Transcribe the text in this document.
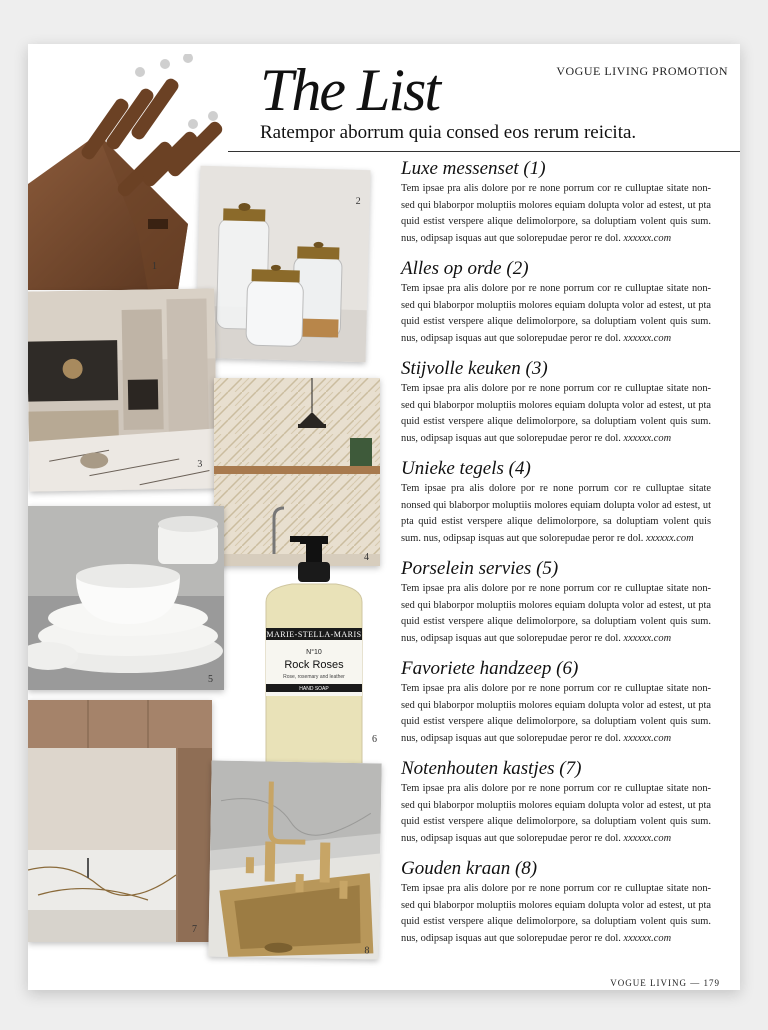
The List	VOGUE LIVING PROMOTION
Ratempor aborrum quia consed eos rerum reicita.
1
2
3
4
5
MARIE-STELLA-MARIS
N°10
Rock Roses
Rose, rosemary and leather
HAND SOAP
6
7
8
Luxe messenset (1)

Tem ipsae pra alis dolore por re none porrum cor re culluptae sitate non-sed qui blaborpor moluptiis molores equiam dolupta volor ad estest, ut pta quid estist verspere alique delimolorpore, sa doluptiam volent quis sum. nus, odipsap isquas aut que solorepudae peror re dol. xxxxxx.com

Alles op orde (2)

Tem ipsae pra alis dolore por re none porrum cor re culluptae sitate non-sed qui blaborpor moluptiis molores equiam dolupta volor ad estest, ut pta quid estist verspere alique delimolorpore, sa doluptiam volent quis sum. nus, odipsap isquas aut que solorepudae peror re dol. xxxxxx.com

Stijvolle keuken (3)

Tem ipsae pra alis dolore por re none porrum cor re culluptae sitate non-sed qui blaborpor moluptiis molores equiam dolupta volor ad estest, ut pta quid estist verspere alique delimolorpore, sa doluptiam volent quis sum. nus, odipsap isquas aut que solorepudae peror re dol. xxxxxx.com

Unieke tegels (4)

Tem ipsae pra alis dolore por re none porrum cor re culluptae sitate nonsed qui blaborpor moluptiis molores equiam dolupta volor ad estest, ut pta quid estist verspere alique delimolorpore, sa doluptiam volent quis sum. nus, odipsap isquas aut que solorepudae peror re dol. xxxxxx.com

Porselein servies (5)

Tem ipsae pra alis dolore por re none porrum cor re culluptae sitate non-sed qui blaborpor moluptiis molores equiam dolupta volor ad estest, ut pta quid estist verspere alique delimolorpore, sa doluptiam volent quis sum. nus, odipsap isquas aut que solorepudae peror re dol. xxxxxx.com

Favoriete handzeep (6)

Tem ipsae pra alis dolore por re none porrum cor re culluptae sitate non-sed qui blaborpor moluptiis molores equiam dolupta volor ad estest, ut pta quid estist verspere alique delimolorpore, sa doluptiam volent quis sum. nus, odipsap isquas aut que solorepudae peror re dol. xxxxxx.com

Notenhouten kastjes (7)

Tem ipsae pra alis dolore por re none porrum cor re culluptae sitate non-sed qui blaborpor moluptiis molores equiam dolupta volor ad estest, ut pta quid estist verspere alique delimolorpore, sa doluptiam volent quis sum. nus, odipsap isquas aut que solorepudae peror re dol. xxxxxx.com

Gouden kraan (8)

Tem ipsae pra alis dolore por re none porrum cor re culluptae sitate non-sed qui blaborpor moluptiis molores equiam dolupta volor ad estest, ut pta quid estist verspere alique delimolorpore, sa doluptiam volent quis sum. nus, odipsap isquas aut que solorepudae peror re dol. xxxxxx.com

VOGUE LIVING — 179
